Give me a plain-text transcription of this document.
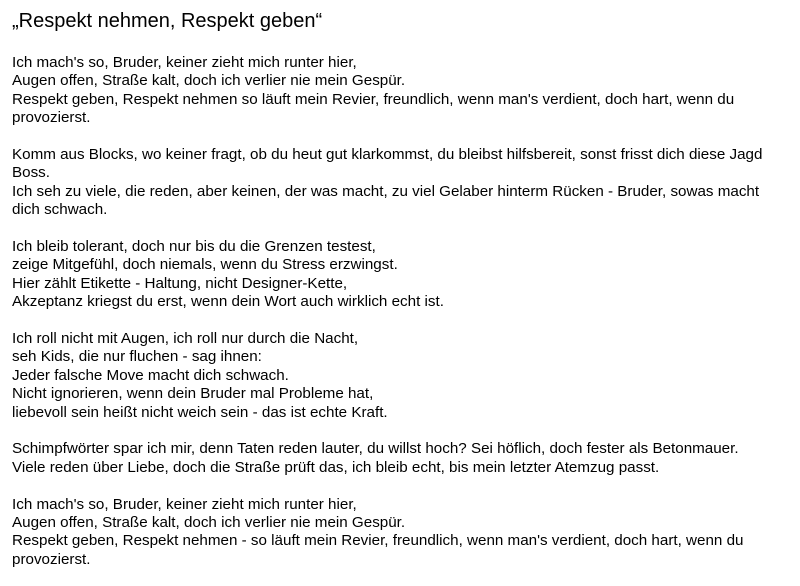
„Respekt nehmen, Respekt geben“

Ich mach's so, Bruder, keiner zieht mich runter hier,
Augen offen, Straße kalt, doch ich verlier nie mein Gespür.
Respekt geben, Respekt nehmen so läuft mein Revier, freundlich, wenn man's verdient, doch hart, wenn du
provozierst.

Komm aus Blocks, wo keiner fragt, ob du heut gut klarkommst, du bleibst hilfsbereit, sonst frisst dich diese Jagd
Boss.
Ich seh zu viele, die reden, aber keinen, der was macht, zu viel Gelaber hinterm Rücken - Bruder, sowas macht
dich schwach.

Ich bleib tolerant, doch nur bis du die Grenzen testest,
zeige Mitgefühl, doch niemals, wenn du Stress erzwingst.
Hier zählt Etikette - Haltung, nicht Designer-Kette,
Akzeptanz kriegst du erst, wenn dein Wort auch wirklich echt ist.

Ich roll nicht mit Augen, ich roll nur durch die Nacht,
seh Kids, die nur fluchen - sag ihnen:
Jeder falsche Move macht dich schwach.
Nicht ignorieren, wenn dein Bruder mal Probleme hat,
liebevoll sein heißt nicht weich sein - das ist echte Kraft.

Schimpfwörter spar ich mir, denn Taten reden lauter, du willst hoch? Sei höflich, doch fester als Betonmauer.
Viele reden über Liebe, doch die Straße prüft das, ich bleib echt, bis mein letzter Atemzug passt.

Ich mach's so, Bruder, keiner zieht mich runter hier,
Augen offen, Straße kalt, doch ich verlier nie mein Gespür.
Respekt geben, Respekt nehmen - so läuft mein Revier, freundlich, wenn man's verdient, doch hart, wenn du
provozierst.
